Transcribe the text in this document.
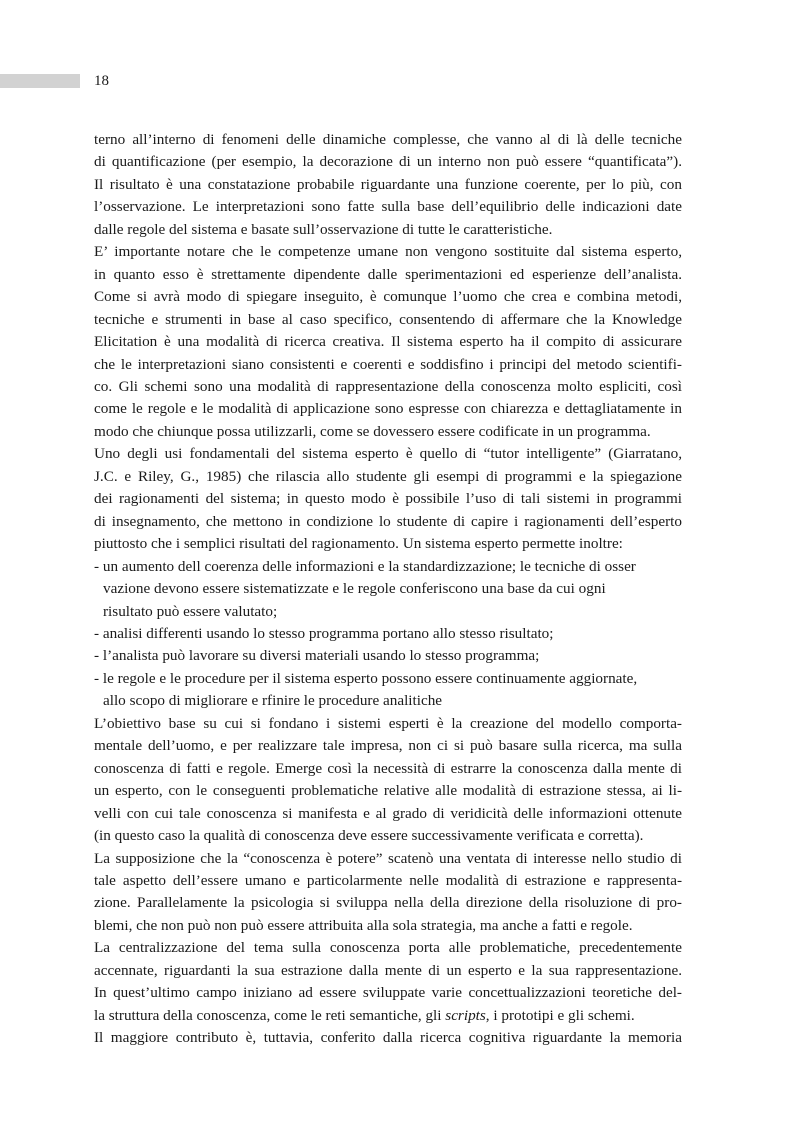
18
terno all’interno di fenomeni delle dinamiche complesse, che vanno al di là delle tecniche
di quantificazione (per esempio, la decorazione di un interno non può essere “quantificata”).
Il risultato è una constatazione probabile riguardante una funzione coerente, per lo più, con
l’osservazione. Le interpretazioni sono fatte sulla base dell’equilibrio delle indicazioni date
dalle regole del sistema e basate sull’osservazione di tutte le caratteristiche.
E’ importante notare che le competenze umane non vengono sostituite dal sistema esperto,
in quanto esso è strettamente dipendente dalle sperimentazioni ed esperienze dell’analista.
Come si avrà modo di spiegare inseguito, è comunque l’uomo che crea e combina metodi,
tecniche e strumenti in base al caso specifico, consentendo di affermare che la Knowledge
Elicitation è una modalità di ricerca creativa. Il sistema esperto ha il compito di assicurare
che le interpretazioni siano consistenti e coerenti e soddisfino i principi del metodo scientifi-
co. Gli schemi sono una modalità di rappresentazione della conoscenza molto espliciti, così
come le regole e le modalità di applicazione sono espresse con chiarezza e dettagliatamente in
modo che chiunque possa utilizzarli, come se dovessero essere codificate in un programma.
Uno degli usi fondamentali del sistema esperto è quello di “tutor intelligente” (Giarratano,
J.C. e Riley, G., 1985) che rilascia allo studente gli esempi di programmi e la spiegazione
dei ragionamenti del sistema; in questo modo è possibile l’uso di tali sistemi in programmi
di insegnamento, che mettono in condizione lo studente di capire i ragionamenti dell’esperto
piuttosto che i semplici risultati del ragionamento. Un sistema esperto permette inoltre:
- un aumento dell coerenza delle informazioni e la standardizzazione; le tecniche di osser
vazione devono essere sistematizzate e le regole conferiscono una base da cui ogni
risultato può essere valutato;
- analisi differenti usando lo stesso programma portano allo stesso risultato;
- l’analista può lavorare su diversi materiali usando lo stesso programma;
- le regole e le procedure per il sistema esperto possono essere continuamente aggiornate,
allo scopo di migliorare e rfinire le procedure analitiche
L’obiettivo base su cui si fondano i sistemi esperti è la creazione del modello comporta-
mentale dell’uomo, e per realizzare tale impresa, non ci si può basare sulla ricerca, ma sulla
conoscenza di fatti e regole. Emerge così la necessità di estrarre la conoscenza dalla mente di
un esperto, con le conseguenti problematiche relative alle modalità di estrazione stessa, ai li-
velli con cui tale conoscenza si manifesta e al grado di veridicità delle informazioni ottenute
(in questo caso la qualità di conoscenza deve essere successivamente verificata e corretta).
La supposizione che la “conoscenza è potere” scatenò una ventata di interesse nello studio di
tale aspetto dell’essere umano e particolarmente nelle modalità di estrazione e rappresenta-
zione. Parallelamente la psicologia si sviluppa nella della direzione della risoluzione di pro-
blemi, che non può non può essere attribuita alla sola strategia, ma anche a fatti e regole.
La centralizzazione del tema sulla conoscenza porta alle problematiche, precedentemente
accennate, riguardanti la sua estrazione dalla mente di un esperto e la sua rappresentazione.
In quest’ultimo campo iniziano ad essere sviluppate varie concettualizzazioni teoretiche del-
la struttura della conoscenza, come le reti semantiche, gli scripts, i prototipi e gli schemi.
Il maggiore contributo è, tuttavia, conferito dalla ricerca cognitiva riguardante la memoria
